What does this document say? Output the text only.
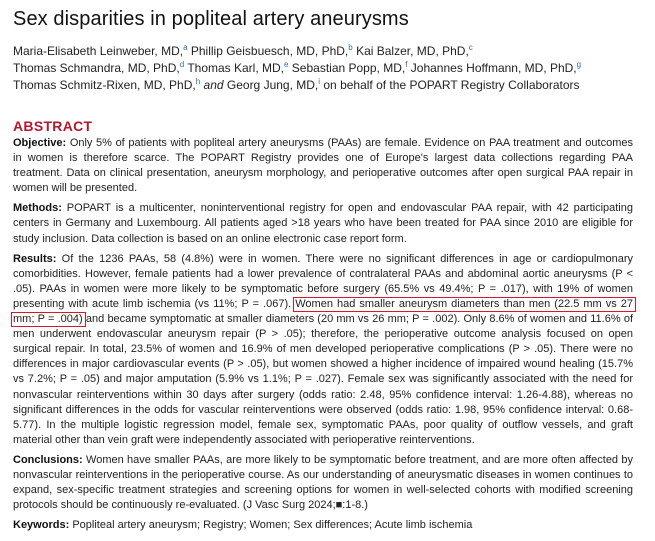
Sex disparities in popliteal artery aneurysms
Maria-Elisabeth Leinweber, MD,$^a$ Phillip Geisbuesch, MD, PhD,$^b$ Kai Balzer, MD, PhD,$^c$
Thomas Schmandra, MD, PhD,$^d$ Thomas Karl, MD,$^e$ Sebastian Popp, MD,$^f$ Johannes Hoffmann, MD, PhD,$^g$
Thomas Schmitz-Rixen, MD, PhD,$^h$ and Georg Jung, MD,$^i$ on behalf of the POPART Registry Collaborators
ABSTRACT

Objective: Only 5% of patients with popliteal artery aneurysms (PAAs) are female. Evidence on PAA treatment and outcomes in women is therefore scarce. The POPART Registry provides one of Europe's largest data collections regarding PAA treatment. Data on clinical presentation, aneurysm morphology, and perioperative outcomes after open surgical PAA repair in women will be presented.

Methods: POPART is a multicenter, noninterventional registry for open and endovascular PAA repair, with 42 participating centers in Germany and Luxembourg. All patients aged >18 years who have been treated for PAA since 2010 are eligible for study inclusion. Data collection is based on an online electronic case report form.

Results: Of the 1236 PAAs, 58 (4.8%) were in women. There were no significant differences in age or cardiopulmonary comorbidities. However, female patients had a lower prevalence of contralateral PAAs and abdominal aortic aneurysms (P < .05). PAAs in women were more likely to be symptomatic before surgery (65.5% vs 49.4%; P = .017), with 19% of women presenting with acute limb ischemia (vs 11%; P = .067). Women had smaller aneurysm diameters than men (22.5 mm vs 27 mm; P = .004) and became symptomatic at smaller diameters (20 mm vs 26 mm; P = .002). Only 8.6% of women and 11.6% of men underwent endovascular aneurysm repair (P > .05); therefore, the perioperative outcome analysis focused on open surgical repair. In total, 23.5% of women and 16.9% of men developed perioperative complications (P > .05). There were no differences in major cardiovascular events (P > .05), but women showed a higher incidence of impaired wound healing (15.7% vs 7.2%; P = .05) and major amputation (5.9% vs 1.1%; P = .027). Female sex was significantly associated with the need for nonvascular reinterventions within 30 days after surgery (odds ratio: 2.48, 95% confidence interval: 1.26-4.88), whereas no significant differences in the odds for vascular reinterventions were observed (odds ratio: 1.98, 95% confidence interval: 0.68-5.77). In the multiple logistic regression model, female sex, symptomatic PAAs, poor quality of outflow vessels, and graft material other than vein graft were independently associated with perioperative reinterventions.

Conclusions: Women have smaller PAAs, are more likely to be symptomatic before treatment, and are more often affected by nonvascular reinterventions in the perioperative course. As our understanding of aneurysmatic diseases in women continues to expand, sex-specific treatment strategies and screening options for women in well-selected cohorts with modified screening protocols should be continuously re-evaluated. (J Vasc Surg 2024;■:1-8.)

Keywords: Popliteal artery aneurysm; Registry; Women; Sex differences; Acute limb ischemia
